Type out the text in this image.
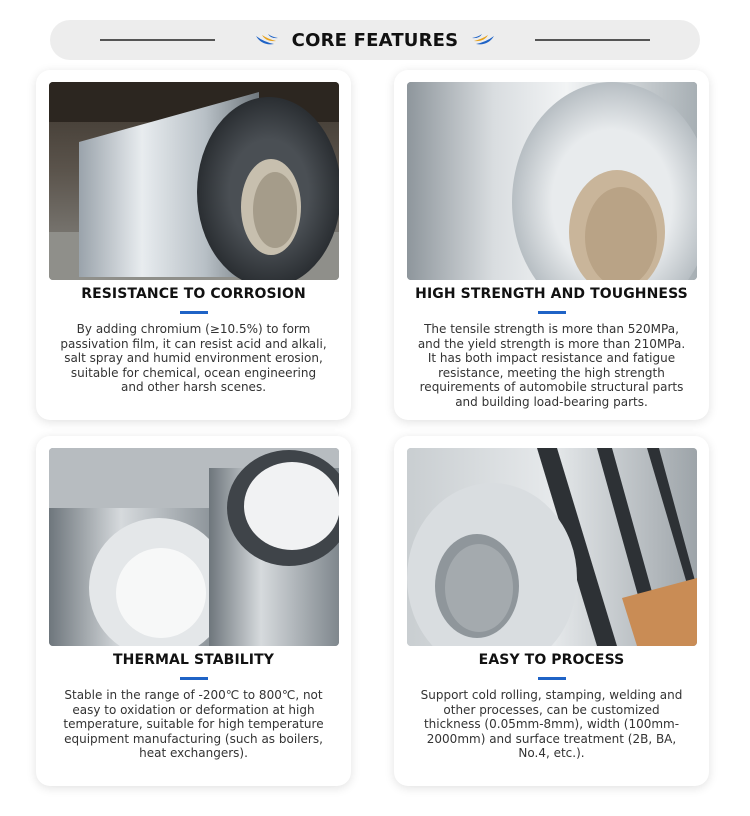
CORE FEATURES
RESISTANCE TO CORROSION
By adding chromium (≥10.5%) to form passivation film, it can resist acid and alkali, salt spray and humid environment erosion, suitable for chemical, ocean engineering and other harsh scenes.
HIGH STRENGTH AND TOUGHNESS
The tensile strength is more than 520MPa, and the yield strength is more than 210MPa. It has both impact resistance and fatigue resistance, meeting the high strength requirements of automobile structural parts and building load-bearing parts.
THERMAL STABILITY
Stable in the range of -200℃ to 800℃, not easy to oxidation or deformation at high temperature, suitable for high temperature equipment manufacturing (such as boilers, heat exchangers).
EASY TO PROCESS
Support cold rolling, stamping, welding and other processes, can be customized thickness (0.05mm-8mm), width (100mm-2000mm) and surface treatment (2B, BA, No.4, etc.).
